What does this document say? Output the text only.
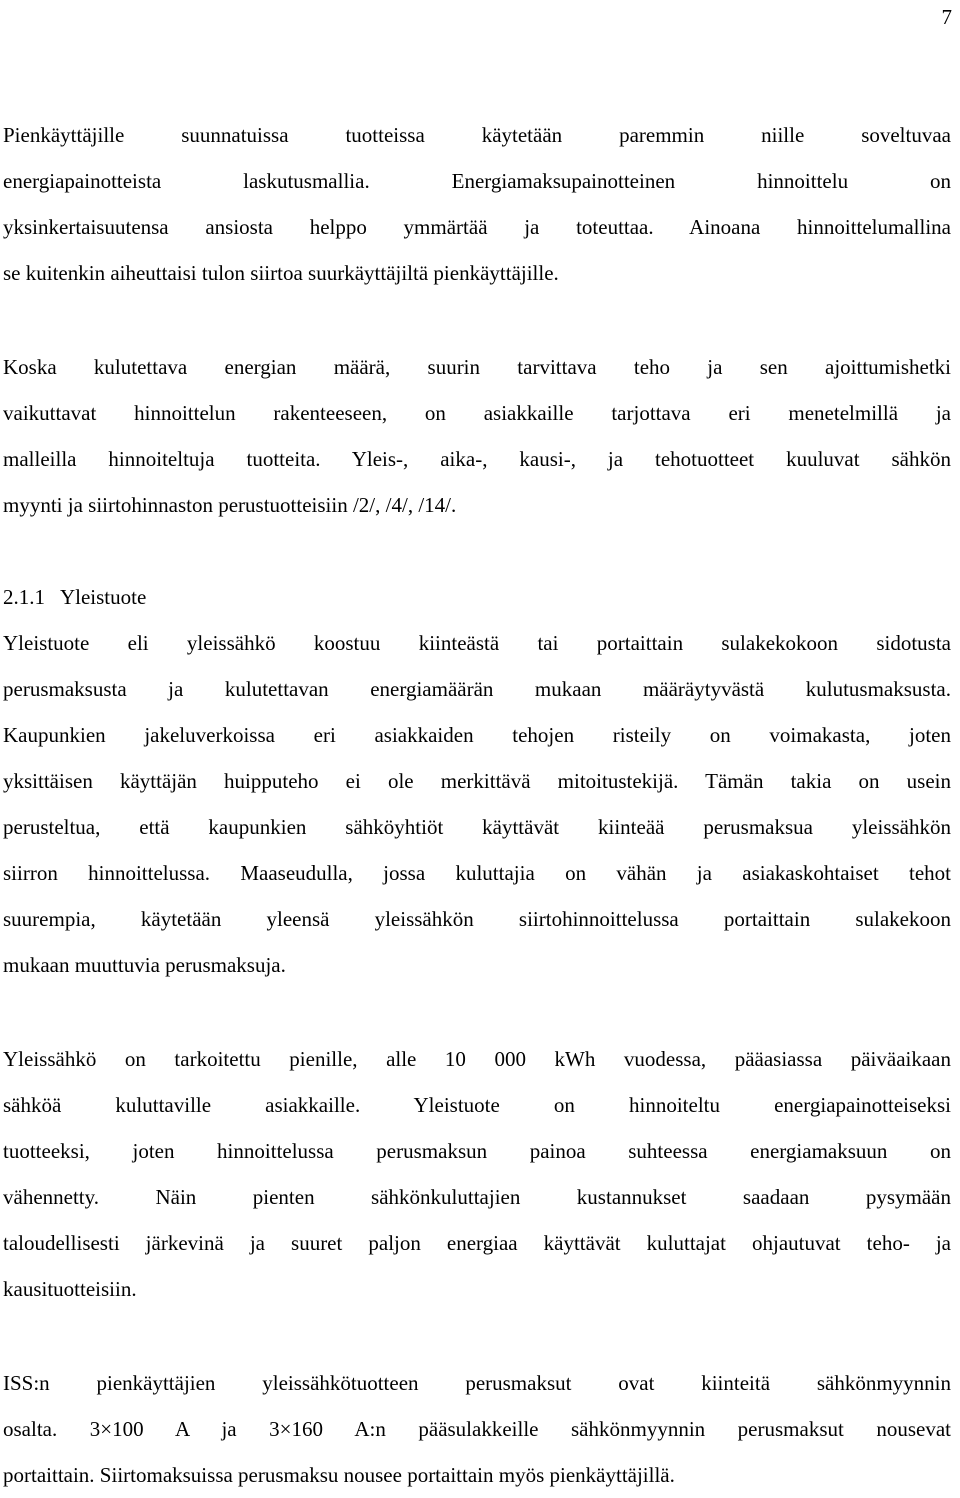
7
Pienkäyttäjille suunnatuissa tuotteissa käytetään paremmin niille soveltuvaa
energiapainotteista laskutusmallia. Energiamaksupainotteinen hinnoittelu on
yksinkertaisuutensa ansiosta helppo ymmärtää ja toteuttaa. Ainoana hinnoittelumallina
se kuitenkin aiheuttaisi tulon siirtoa suurkäyttäjiltä pienkäyttäjille.
Koska kulutettava energian määrä, suurin tarvittava teho ja sen ajoittumishetki
vaikuttavat hinnoittelun rakenteeseen, on asiakkaille tarjottava eri menetelmillä ja
malleilla hinnoiteltuja tuotteita. Yleis-, aika-, kausi-, ja tehotuotteet kuuluvat sähkön
myynti ja siirtohinnaston perustuotteisiin /2/, /4/, /14/.
2.1.1   Yleistuote
Yleistuote eli yleissähkö koostuu kiinteästä tai portaittain sulakekokoon sidotusta
perusmaksusta ja kulutettavan energiamäärän mukaan määräytyvästä kulutusmaksusta.
Kaupunkien jakeluverkoissa eri asiakkaiden tehojen risteily on voimakasta, joten
yksittäisen käyttäjän huipputeho ei ole merkittävä mitoitustekijä. Tämän takia on usein
perusteltua, että kaupunkien sähköyhtiöt käyttävät kiinteää perusmaksua yleissähkön
siirron hinnoittelussa. Maaseudulla, jossa kuluttajia on vähän ja asiakaskohtaiset tehot
suurempia, käytetään yleensä yleissähkön siirtohinnoittelussa portaittain sulakekoon
mukaan muuttuvia perusmaksuja.
Yleissähkö on tarkoitettu pienille, alle 10 000 kWh vuodessa, pääasiassa päiväaikaan
sähköä kuluttaville asiakkaille. Yleistuote on hinnoiteltu energiapainotteiseksi
tuotteeksi, joten hinnoittelussa perusmaksun painoa suhteessa energiamaksuun on
vähennetty. Näin pienten sähkönkuluttajien kustannukset saadaan pysymään
taloudellisesti järkevinä ja suuret paljon energiaa käyttävät kuluttajat ohjautuvat teho- ja
kausituotteisiin.
ISS:n pienkäyttäjien yleissähkötuotteen perusmaksut ovat kiinteitä sähkönmyynnin
osalta. 3×100 A ja 3×160 A:n pääsulakkeille sähkönmyynnin perusmaksut nousevat
portaittain. Siirtomaksuissa perusmaksu nousee portaittain myös pienkäyttäjillä.
